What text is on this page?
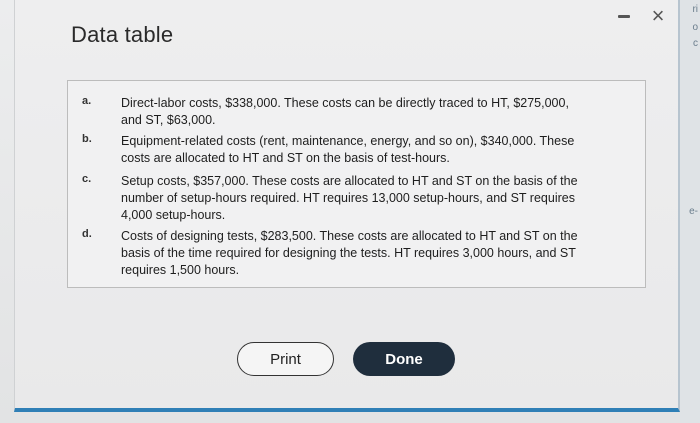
ri
o
c
e-
Data table
×
a.	Direct-labor costs, $338,000. These costs can be directly traced to HT, $275,000,
and ST, $63,000.
b.	Equipment-related costs (rent, maintenance, energy, and so on), $340,000. These
costs are allocated to HT and ST on the basis of test-hours.
c.	Setup costs, $357,000. These costs are allocated to HT and ST on the basis of the
number of setup-hours required. HT requires 13,000 setup-hours, and ST requires
4,000 setup-hours.
d.	Costs of designing tests, $283,500. These costs are allocated to HT and ST on the
basis of the time required for designing the tests. HT requires 3,000 hours, and ST
requires 1,500 hours.
Print	Done
